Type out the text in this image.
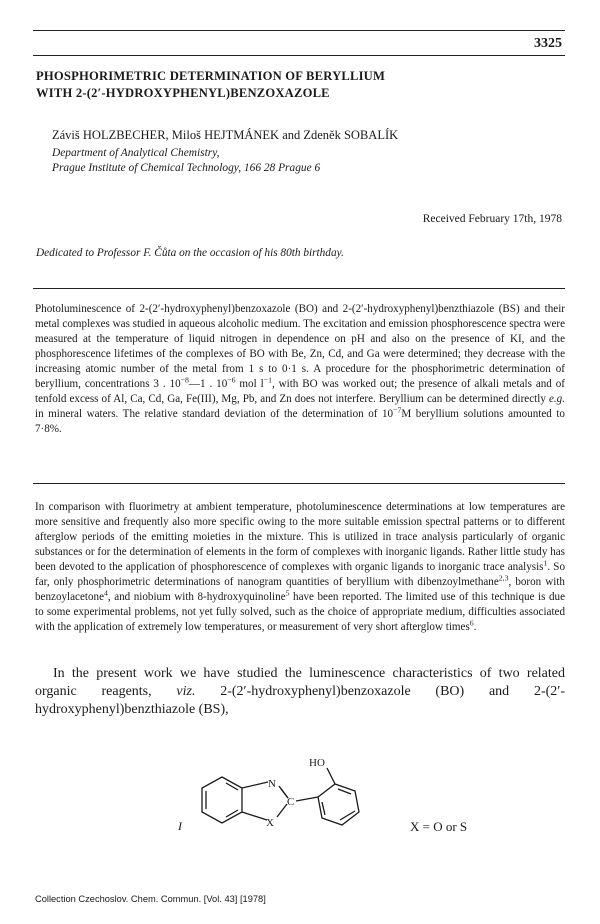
3325
PHOSPHORIMETRIC DETERMINATION OF BERYLLIUM
WITH 2-(2′-HYDROXYPHENYL)BENZOXAZOLE
Záviš HOLZBECHER, Miloš HEJTMÁNEK and Zdeněk SOBALÍK
Department of Analytical Chemistry,
Prague Institute of Chemical Technology, 166 28 Prague 6
Received February 17th, 1978
Dedicated to Professor F. Čůta on the occasion of his 80th birthday.

Photoluminescence of 2-(2′-hydroxyphenyl)benzoxazole (BO) and 2-(2′-hydroxyphenyl)benzthiazole (BS) and their metal complexes was studied in aqueous alcoholic medium. The excitation and emission phosphorescence spectra were measured at the temperature of liquid nitrogen in dependence on pH and also on the presence of KI, and the phosphorescence lifetimes of the complexes of BO with Be, Zn, Cd, and Ga were determined; they decrease with the increasing atomic number of the metal from 1 s to 0·1 s. A procedure for the phosphorimetric determination of beryllium, concentrations 3 . $10^{-8}—1$ . $10^{-6}$ mol $l^{-1}$, with BO was worked out; the presence of alkali metals and of tenfold excess of Al, Ca, Cd, Ga, Fe(III), Mg, Pb, and Zn does not interfere. Beryllium can be determined directly e.g. in mineral waters. The relative standard deviation of the determination of $10^{-7}M$ beryllium solutions amounted to 7·8%.

In comparison with fluorimetry at ambient temperature, photoluminescence determinations at low temperatures are more sensitive and frequently also more specific owing to the more suitable emission spectral patterns or to different afterglow periods of the emitting moieties in the mixture. This is utilized in trace analysis particularly of organic substances or for the determination of elements in the form of complexes with inorganic ligands. Rather little study has been devoted to the application of phosphorescence of complexes with organic ligands to inorganic trace analysis$^1$. So far, only phosphorimetric determinations of nanogram quantities of beryllium with dibenzoylmethane$^{2,3}$, boron with benzoylacetone$^4$, and niobium with 8-hydroxyquinoline$^5$ have been reported. The limited use of this technique is due to some experimental problems, not yet fully solved, such as the choice of appropriate medium, difficulties associated with the application of extremely low temperatures, or measurement of very short afterglow times$^6$.

In the present work we have studied the luminescence characteristics of two related organic reagents, viz. 2-(2′-hydroxyphenyl)benzoxazole (BO) and 2-(2′-hydroxyphenyl)benzthiazole (BS),

HO
N
C
X
I	X = O or S
Collection Czechoslov. Chem. Commun. [Vol. 43] [1978]
